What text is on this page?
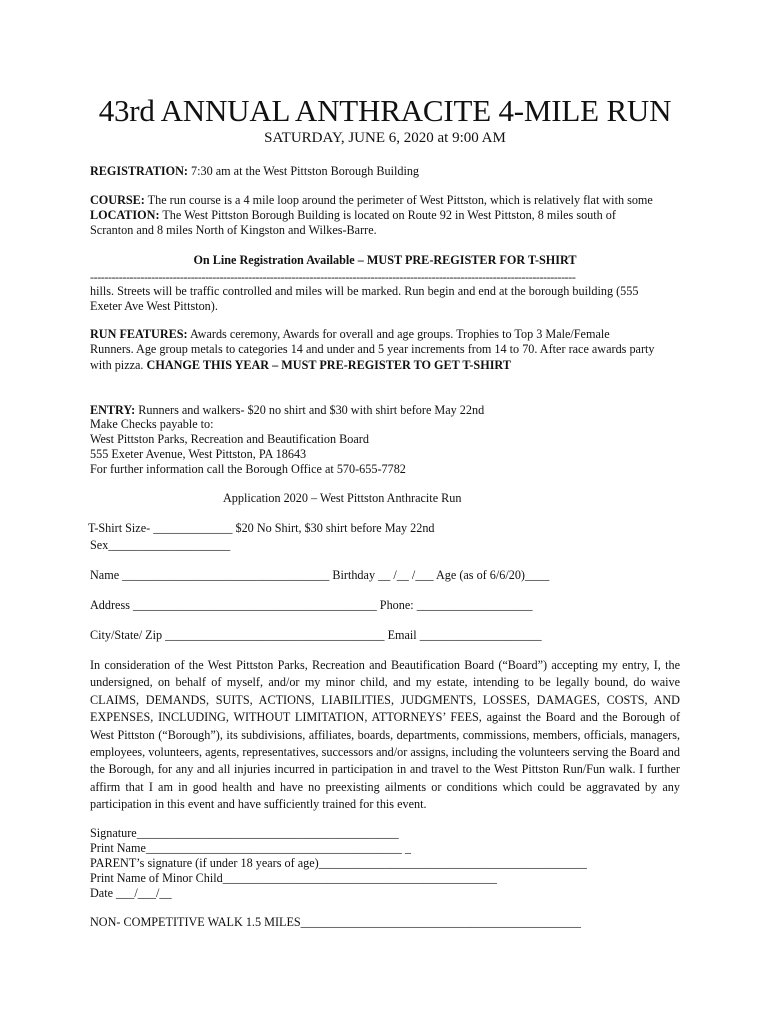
43rd ANNUAL ANTHRACITE 4-MILE RUN
SATURDAY, JUNE 6, 2020 at 9:00 AM
REGISTRATION: 7:30 am at the West Pittston Borough Building
COURSE: The run course is a 4 mile loop around the perimeter of West Pittston, which is relatively flat with some
LOCATION: The West Pittston Borough Building is located on Route 92 in West Pittston, 8 miles south of
Scranton and 8 miles North of Kingston and Wilkes-Barre.
On Line Registration Available – MUST PRE-REGISTER FOR T-SHIRT
---------------------------------------------------------------------------------------------------------------------------------------
hills. Streets will be traffic controlled and miles will be marked. Run begin and end at the borough building (555
Exeter Ave West Pittston).
RUN FEATURES: Awards ceremony, Awards for overall and age groups. Trophies to Top 3 Male/Female
Runners. Age group metals to categories 14 and under and 5 year increments from 14 to 70. After race awards party
with pizza. CHANGE THIS YEAR – MUST PRE-REGISTER TO GET T-SHIRT
ENTRY: Runners and walkers- $20 no shirt and $30 with shirt before May 22nd
Make Checks payable to:
West Pittston Parks, Recreation and Beautification Board
555 Exeter Avenue, West Pittston, PA 18643
For further information call the Borough Office at 570-655-7782
Application 2020 – West Pittston Anthracite Run
T-Shirt Size- _____________ $20 No Shirt, $30 shirt before May 22nd
Sex____________________
Name __________________________________ Birthday __ /__ /___ Age (as of 6/6/20)____
Address ________________________________________ Phone: ___________________
City/State/ Zip ____________________________________ Email ____________________
In consideration of the West Pittston Parks, Recreation and Beautification Board (“Board”) accepting my entry, I, the undersigned, on behalf of myself, and/or my minor child, and my estate, intending to be legally bound, do waive CLAIMS, DEMANDS, SUITS, ACTIONS, LIABILITIES, JUDGMENTS, LOSSES, DAMAGES, COSTS, AND EXPENSES, INCLUDING, WITHOUT LIMITATION, ATTORNEYS’ FEES, against the Board and the Borough of West Pittston (“Borough”), its subdivisions, affiliates, boards, departments, commissions, members, officials, managers, employees, volunteers, agents, representatives, successors and/or assigns, including the volunteers serving the Board and the Borough, for any and all injuries incurred in participation in and travel to the West Pittston Run/Fun walk. I further affirm that I am in good health and have no preexisting ailments or conditions which could be aggravated by any participation in this event and have sufficiently trained for this event.
Signature___________________________________________
Print Name__________________________________________ _
PARENT’s signature (if under 18 years of age)____________________________________________
Print Name of Minor Child_____________________________________________
Date ___/___/__
NON- COMPETITIVE WALK 1.5 MILES______________________________________________
